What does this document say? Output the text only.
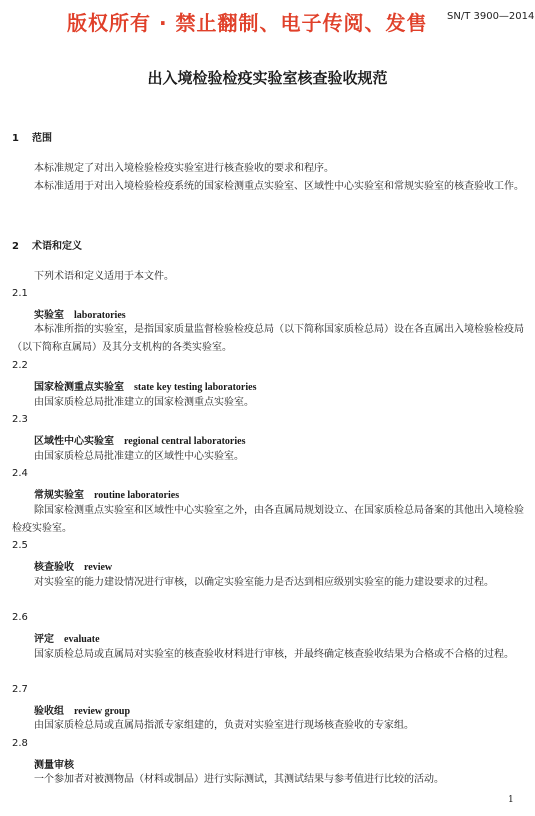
版权所有 · 禁止翻制、电子传阅、发售 SN/T 3900—2014
出入境检验检疫实验室核查验收规范
1 范围

本标准规定了对出入境检验检疫实验室进行核查验收的要求和程序。

本标准适用于对出入境检验检疫系统的国家检测重点实验室、区域性中心实验室和常规实验室的核查验收工作。

2 术语和定义

下列术语和定义适用于本文件。

2.1
实验室 laboratories

本标准所指的实验室，是指国家质量监督检验检疫总局（以下简称国家质检总局）设在各直属出入境检验检疫局（以下简称直属局）及其分支机构的各类实验室。

2.2
国家检测重点实验室 state key testing laboratories

由国家质检总局批准建立的国家检测重点实验室。

2.3
区域性中心实验室 regional central laboratories

由国家质检总局批准建立的区域性中心实验室。

2.4
常规实验室 routine laboratories

除国家检测重点实验室和区域性中心实验室之外，由各直属局规划设立、在国家质检总局备案的其他出入境检验检疫实验室。

2.5
核查验收 review

对实验室的能力建设情况进行审核，以确定实验室能力是否达到相应级别实验室的能力建设要求的过程。

2.6
评定 evaluate

国家质检总局或直属局对实验室的核查验收材料进行审核，并最终确定核查验收结果为合格或不合格的过程。

2.7
验收组 review group

由国家质检总局或直属局指派专家组建的，负责对实验室进行现场核查验收的专家组。

2.8
测量审核

一个参加者对被测物品（材料或制品）进行实际测试，其测试结果与参考值进行比较的活动。

1
